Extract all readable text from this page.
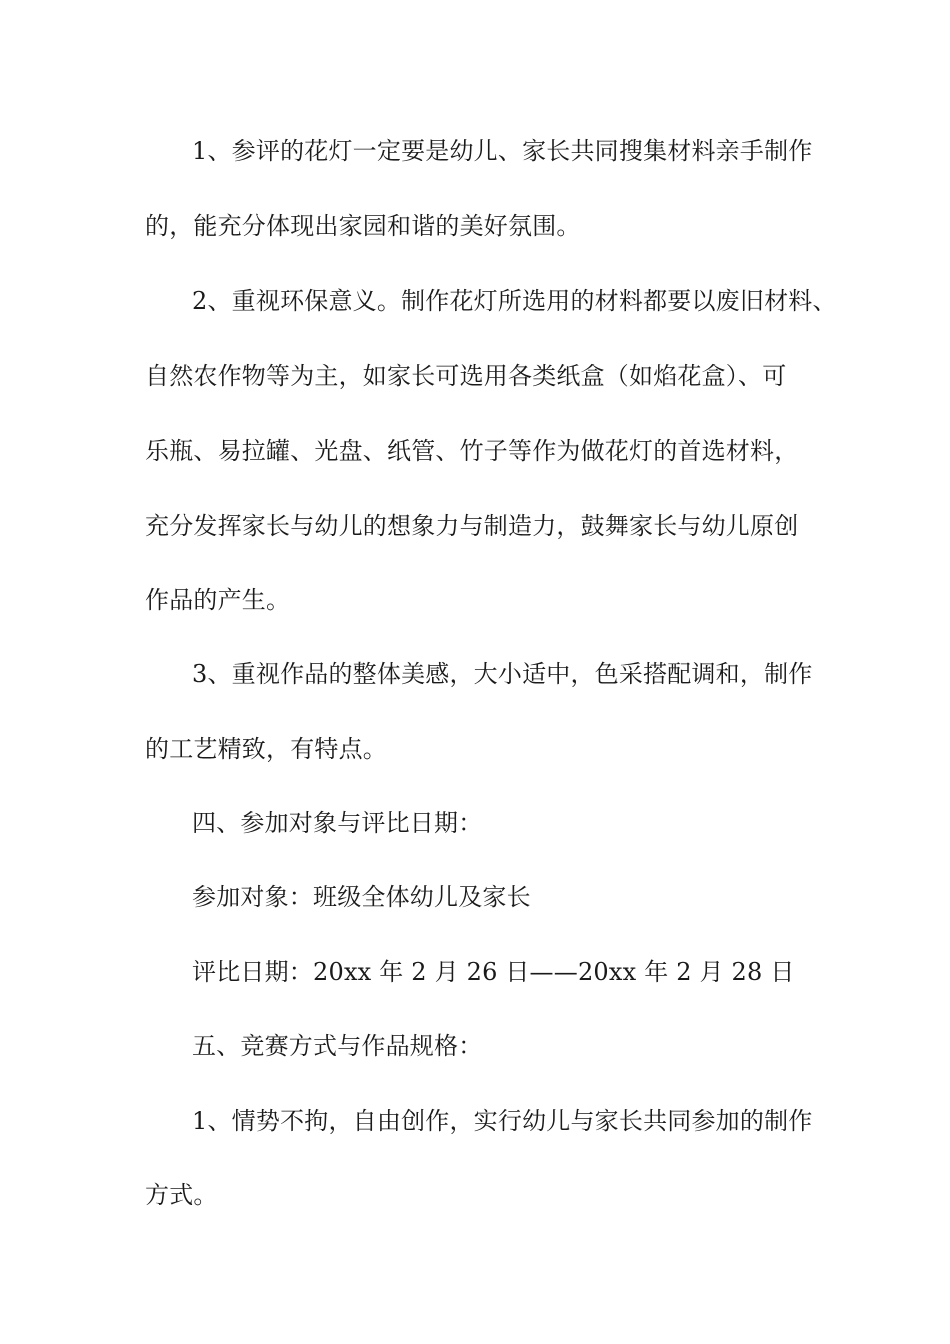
1、参评的花灯一定要是幼儿、家长共同搜集材料亲手制作
的，能充分体现出家园和谐的美好氛围。
2、重视环保意义。制作花灯所选用的材料都要以废旧材料、
自然农作物等为主，如家长可选用各类纸盒（如焰花盒）、可
乐瓶、易拉罐、光盘、纸管、竹子等作为做花灯的首选材料，
充分发挥家长与幼儿的想象力与制造力，鼓舞家长与幼儿原创
作品的产生。
3、重视作品的整体美感，大小适中，色采搭配调和，制作
的工艺精致，有特点。
四、参加对象与评比日期：
参加对象：班级全体幼儿及家长
评比日期：20xx 年 2 月 26 日——20xx 年 2 月 28 日
五、竞赛方式与作品规格：
1、情势不拘，自由创作，实行幼儿与家长共同参加的制作
方式。
